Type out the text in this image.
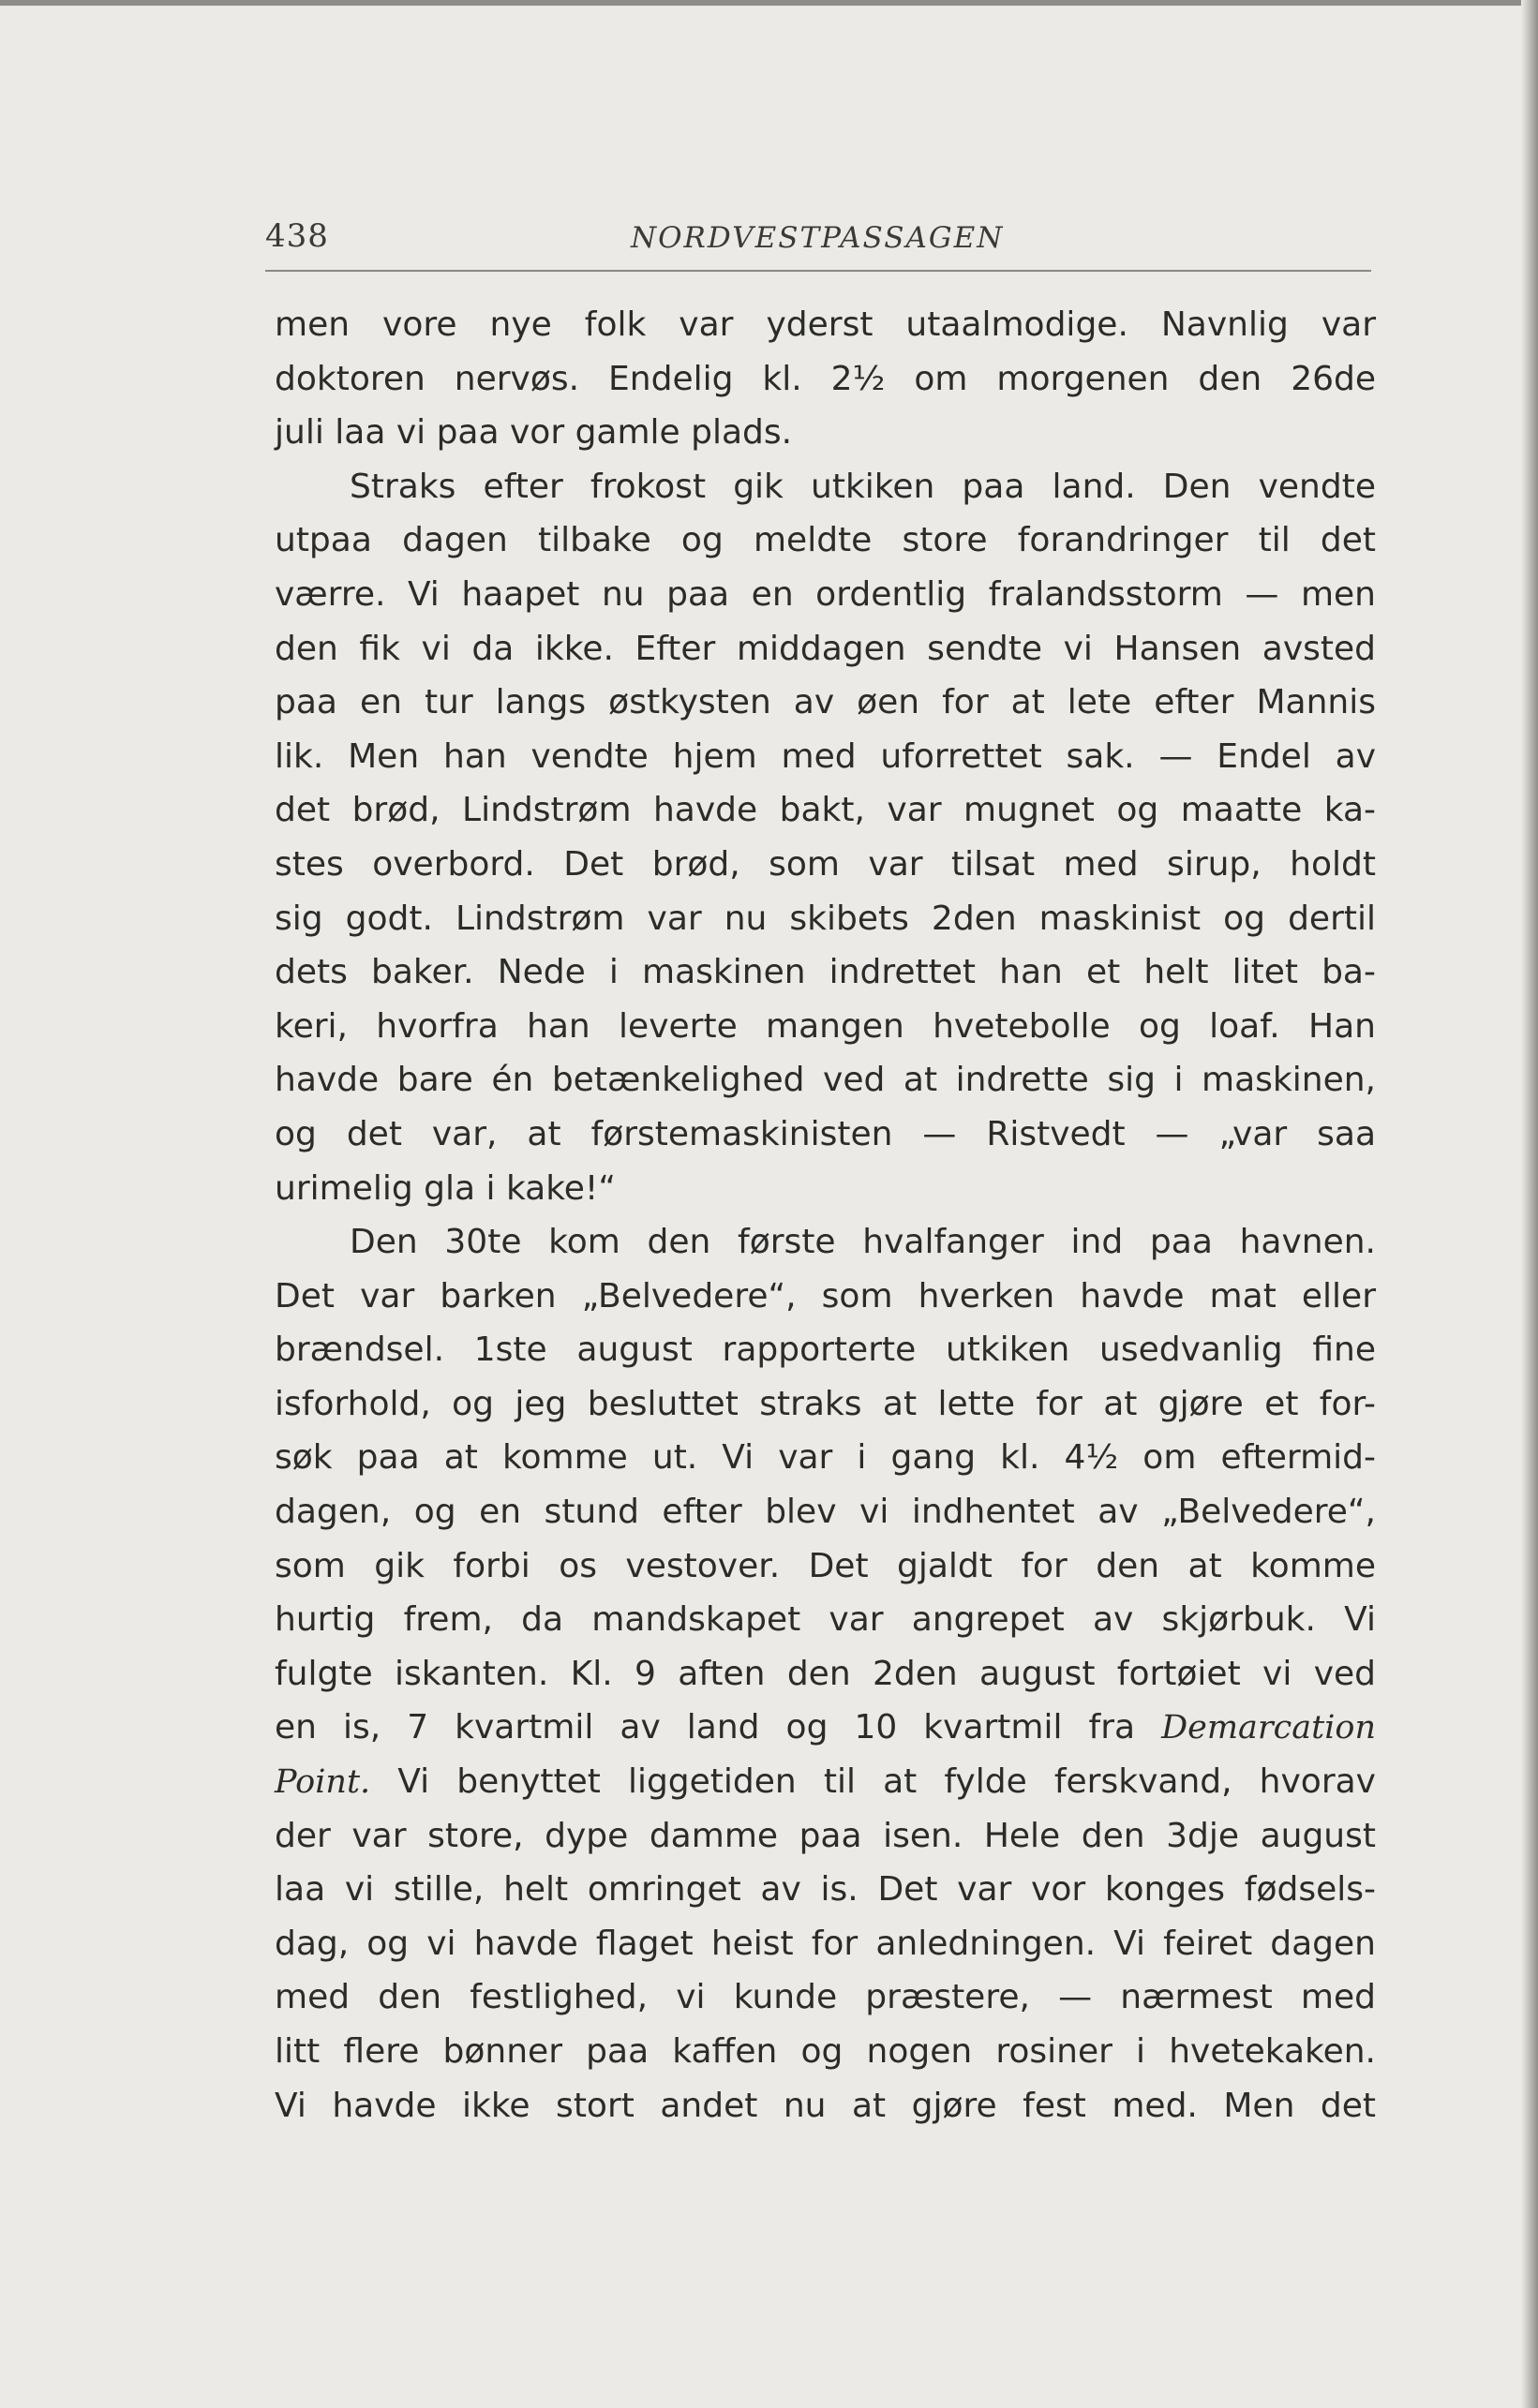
438	NORDVESTPASSAGEN
men vore nye folk var yderst utaalmodige. Navnlig var
doktoren nervøs. Endelig kl. 2½ om morgenen den 26de
juli laa vi paa vor gamle plads.
Straks efter frokost gik utkiken paa land. Den vendte
utpaa dagen tilbake og meldte store forandringer til det
værre. Vi haapet nu paa en ordentlig fralandsstorm — men
den fik vi da ikke. Efter middagen sendte vi Hansen avsted
paa en tur langs østkysten av øen for at lete efter Mannis
lik. Men han vendte hjem med uforrettet sak. — Endel av
det brød, Lindstrøm havde bakt, var mugnet og maatte ka-
stes overbord. Det brød, som var tilsat med sirup, holdt
sig godt. Lindstrøm var nu skibets 2den maskinist og dertil
dets baker. Nede i maskinen indrettet han et helt litet ba-
keri, hvorfra han leverte mangen hvetebolle og loaf. Han
havde bare én betænkelighed ved at indrette sig i maskinen,
og det var, at førstemaskinisten — Ristvedt — „var saa
urimelig gla i kake!“
Den 30te kom den første hvalfanger ind paa havnen.
Det var barken „Belvedere“, som hverken havde mat eller
brændsel. 1ste august rapporterte utkiken usedvanlig fine
isforhold, og jeg besluttet straks at lette for at gjøre et for-
søk paa at komme ut. Vi var i gang kl. 4½ om eftermid-
dagen, og en stund efter blev vi indhentet av „Belvedere“,
som gik forbi os vestover. Det gjaldt for den at komme
hurtig frem, da mandskapet var angrepet av skjørbuk. Vi
fulgte iskanten. Kl. 9 aften den 2den august fortøiet vi ved
en is, 7 kvartmil av land og 10 kvartmil fra Demarcation
Point. Vi benyttet liggetiden til at fylde ferskvand, hvorav
der var store, dype damme paa isen. Hele den 3dje august
laa vi stille, helt omringet av is. Det var vor konges fødsels-
dag, og vi havde flaget heist for anledningen. Vi feiret dagen
med den festlighed, vi kunde præstere, — nærmest med
litt flere bønner paa kaffen og nogen rosiner i hvetekaken.
Vi havde ikke stort andet nu at gjøre fest med. Men det
